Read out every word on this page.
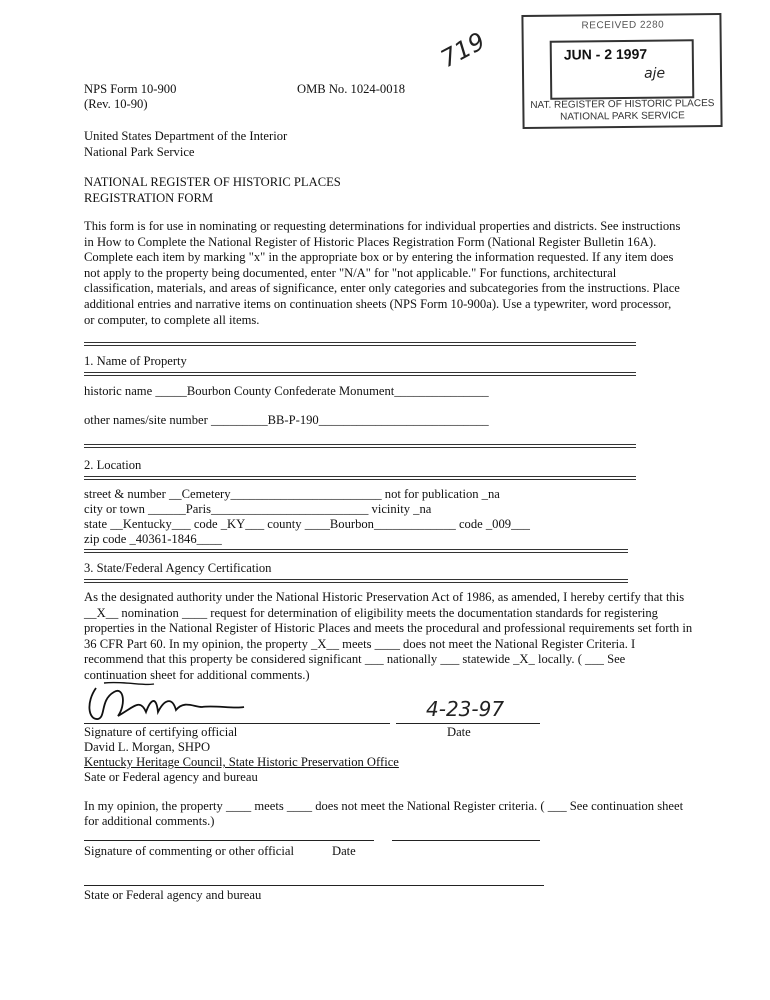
NPS Form 10-900
(Rev. 10-90)
OMB No. 1024-0018
719
RECEIVED 2280
JUN - 2 1997
aje
NAT. REGISTER OF HISTORIC PLACES
NATIONAL PARK SERVICE
United States Department of the Interior
National Park Service
NATIONAL REGISTER OF HISTORIC PLACES
REGISTRATION FORM
This form is for use in nominating or requesting determinations for individual properties and districts. See instructions in How to Complete the National Register of Historic Places Registration Form (National Register Bulletin 16A). Complete each item by marking "x" in the appropriate box or by entering the information requested. If any item does not apply to the property being documented, enter "N/A" for "not applicable." For functions, architectural classification, materials, and areas of significance, enter only categories and subcategories from the instructions. Place additional entries and narrative items on continuation sheets (NPS Form 10-900a). Use a typewriter, word processor, or computer, to complete all items.
1. Name of Property
historic name _____Bourbon County Confederate Monument_______________
other names/site number _________BB-P-190___________________________
2. Location
street & number __Cemetery________________________ not for publication _na
city or town ______Paris_________________________ vicinity _na
state __Kentucky___ code _KY___ county ____Bourbon_____________ code _009___
zip code _40361-1846____
3. State/Federal Agency Certification
As the designated authority under the National Historic Preservation Act of 1986, as amended, I hereby certify that this
__X__ nomination ____ request for determination of eligibility meets the documentation standards for registering
properties in the National Register of Historic Places and meets the procedural and professional requirements set forth in
36 CFR Part 60. In my opinion, the property _X__ meets ____ does not meet the National Register Criteria. I
recommend that this property be considered significant ___ nationally ___ statewide _X_ locally. ( ___ See
continuation sheet for additional comments.)
4-23-97
Signature of certifying official	Date
David L. Morgan, SHPO
Kentucky Heritage Council, State Historic Preservation Office
Sate or Federal agency and bureau
In my opinion, the property ____ meets ____ does not meet the National Register criteria. ( ___ See continuation sheet
for additional comments.)
Signature of commenting or other official	Date
State or Federal agency and bureau
